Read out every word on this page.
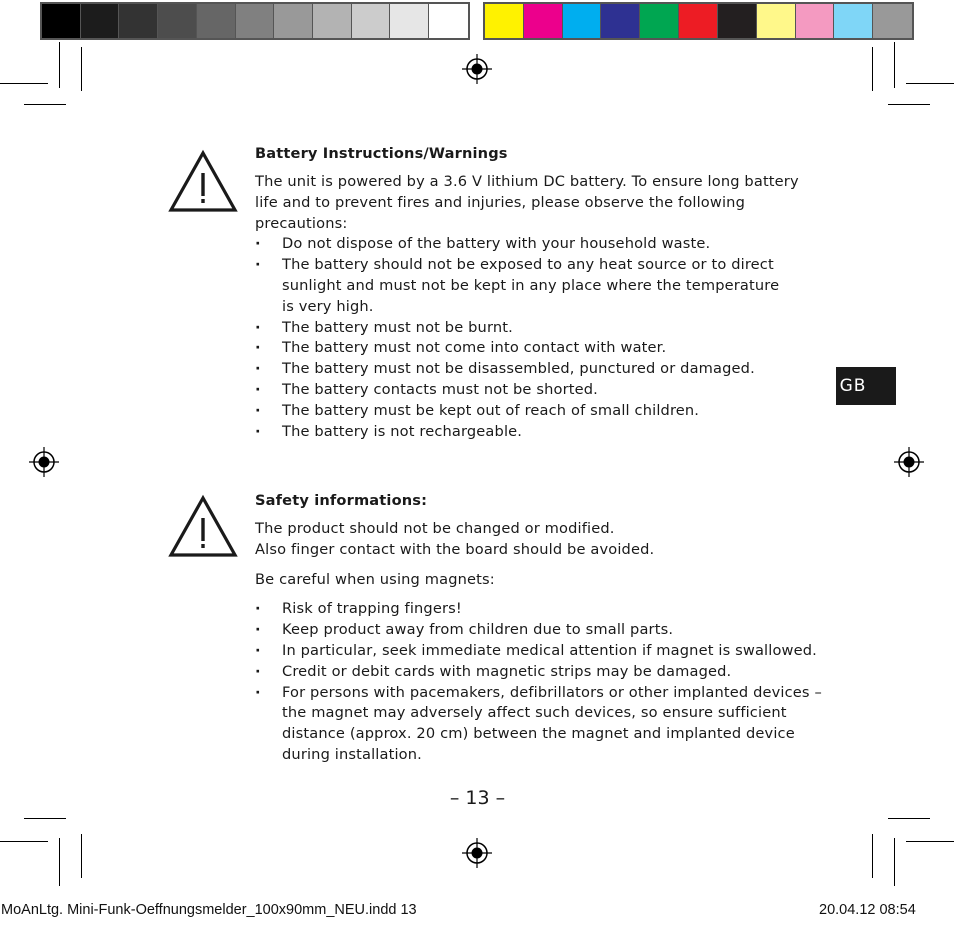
Battery Instructions/Warnings

The unit is powered by a 3.6 V lithium DC battery. To ensure long battery
life and to prevent fires and injuries, please observe the following
precautions:

· Do not dispose of the battery with your household waste.
· The battery should not be exposed to any heat source or to direct
sunlight and must not be kept in any place where the temperature
is very high.
· The battery must not be burnt.
· The battery must not come into contact with water.
· The battery must not be disassembled, punctured or damaged.
· The battery contacts must not be shorted.
· The battery must be kept out of reach of small children.
· The battery is not rechargeable.
Safety informations:

The product should not be changed or modified.
Also finger contact with the board should be avoided.

Be careful when using magnets:

· Risk of trapping fingers!
· Keep product away from children due to small parts.
· In particular, seek immediate medical attention if magnet is swallowed.
· Credit or debit cards with magnetic strips may be damaged.
· For persons with pacemakers, defibrillators or other implanted devices –
the magnet may adversely affect such devices, so ensure sufficient
distance (approx. 20 cm) between the magnet and implanted device
during installation.
GB
– 13 –
MoAnLtg. Mini-Funk-Oeffnungsmelder_100x90mm_NEU.indd 13	20.04.12 08:54
